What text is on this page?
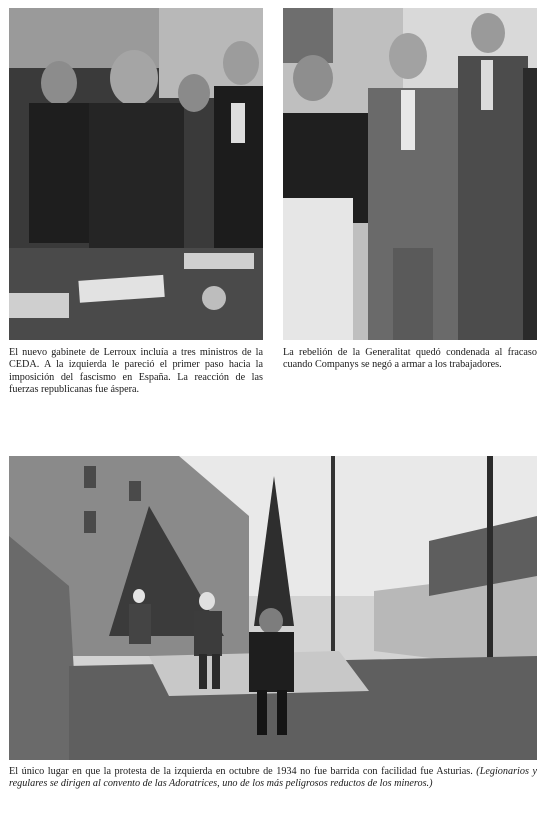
El nuevo gabinete de Lerroux incluía a tres ministros de la CEDA. A la izquierda le pareció el primer paso hacia la imposición del fascismo en España. La reacción de las fuerzas republicanas fue áspera.
La rebelión de la Generalitat quedó condenada al fracaso cuando Companys se negó a armar a los trabajadores.
El único lugar en que la protesta de la izquierda en octubre de 1934 no fue barrida con facilidad fue Asturias. (Legionarios y regulares se dirigen al convento de las Adoratrices, uno de los más peligrosos reductos de los mineros.)
